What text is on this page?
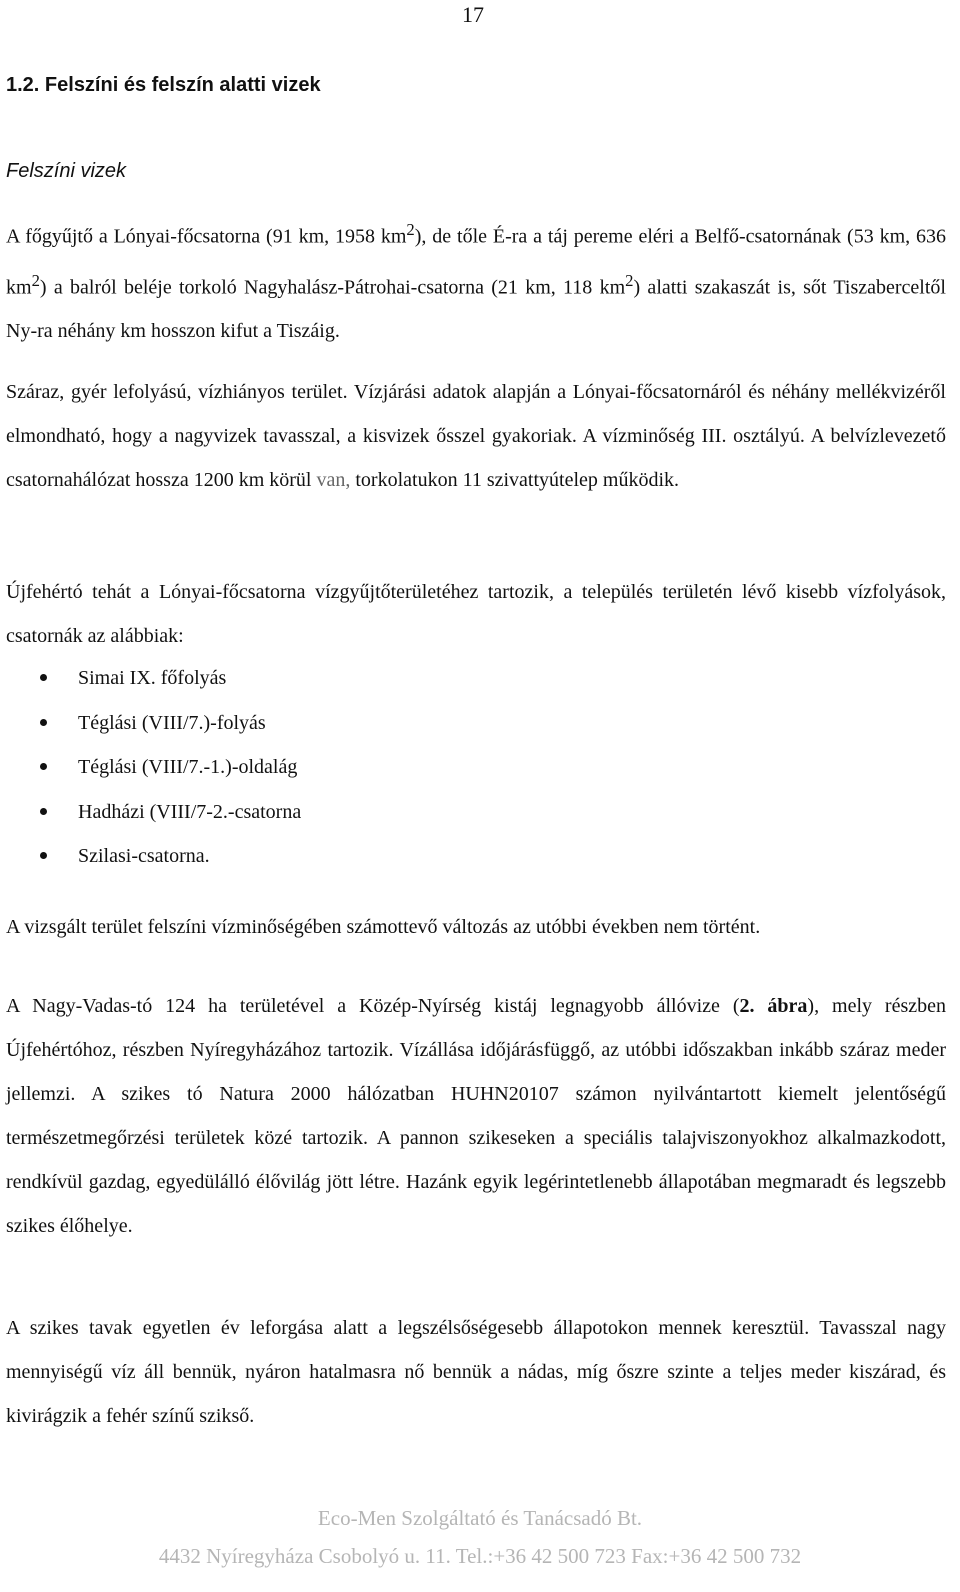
17
1.2. Felszíni és felszín alatti vizek
Felszíni vizek

A főgyűjtő a Lónyai-főcsatorna (91 km, 1958 $km^2$), de tőle É-ra a táj pereme eléri a Belfő-csatornának (53 km, 636 $km^2$) a balról beléje torkoló Nagyhalász-Pátrohai-csatorna (21 km, 118 $km^2$) alatti szakaszát is, sőt Tiszaberceltől Ny-ra néhány km hosszon kifut a Tiszáig.

Száraz, gyér lefolyású, vízhiányos terület. Vízjárási adatok alapján a Lónyai-főcsatornáról és néhány mellékvizéről elmondható, hogy a nagyvizek tavasszal, a kisvizek ősszel gyakoriak. A vízminőség III. osztályú. A belvízlevezető csatornahálózat hossza 1200 km körül van, torkolatukon 11 szivattyútelep működik.

Újfehértó tehát a Lónyai-főcsatorna vízgyűjtőterületéhez tartozik, a település területén lévő kisebb vízfolyások, csatornák az alábbiak:

Simai IX. főfolyás
Téglási (VIII/7.)-folyás
Téglási (VIII/7.-1.)-oldalág
Hadházi (VIII/7-2.-csatorna
Szilasi-csatorna.

A vizsgált terület felszíni vízminőségében számottevő változás az utóbbi években nem történt.

A Nagy-Vadas-tó 124 ha területével a Közép-Nyírség kistáj legnagyobb állóvize (2. ábra), mely részben Újfehértóhoz, részben Nyíregyházához tartozik. Vízállása időjárásfüggő, az utóbbi időszakban inkább száraz meder jellemzi. A szikes tó Natura 2000 hálózatban HUHN20107 számon nyilvántartott kiemelt jelentőségű természetmegőrzési területek közé tartozik. A pannon szikeseken a speciális talajviszonyokhoz alkalmazkodott, rendkívül gazdag, egyedülálló élővilág jött létre. Hazánk egyik legérintetlenebb állapotában megmaradt és legszebb szikes élőhelye.

A szikes tavak egyetlen év leforgása alatt a legszélsőségesebb állapotokon mennek keresztül. Tavasszal nagy mennyiségű víz áll bennük, nyáron hatalmasra nő bennük a nádas, míg őszre szinte a teljes meder kiszárad, és kivirágzik a fehér színű szikső.

Eco-Men Szolgáltató és Tanácsadó Bt.
4432 Nyíregyháza Csobolyó u. 11. Tel.:+36 42 500 723 Fax:+36 42 500 732
